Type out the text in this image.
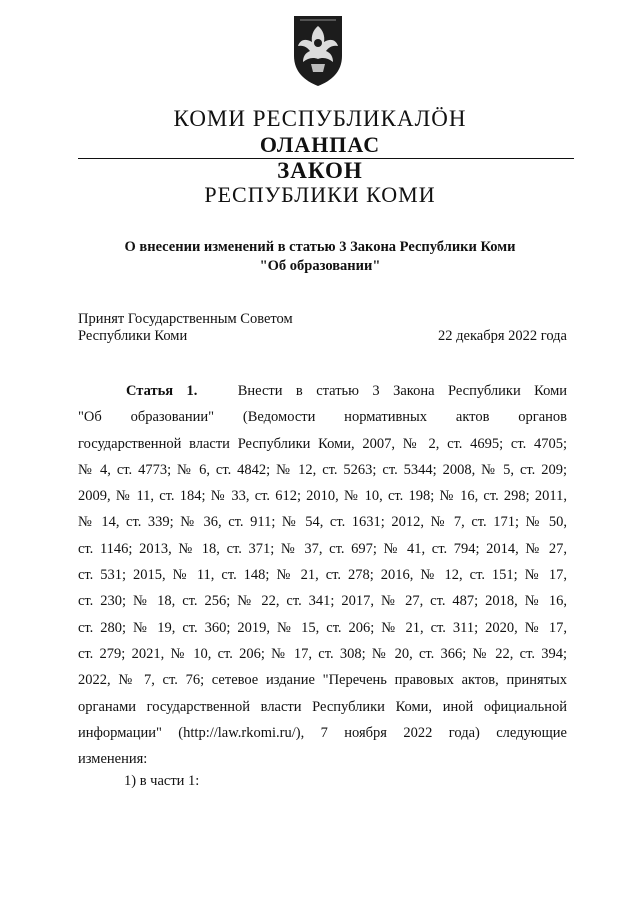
КОМИ РЕСПУБЛИКАЛÖН
ОЛАНПАС
ЗАКОН
РЕСПУБЛИКИ КОМИ
О внесении изменений в статью 3 Закона Республики Коми
"Об образовании"
Принят Государственным Советом
Республики Коми	22 декабря 2022 года
Статья 1.	Внести в статью 3 Закона Республики Коми
"Об образовании" (Ведомости нормативных актов органов
государственной власти Республики Коми, 2007, № 2, ст. 4695; ст. 4705;
№ 4, ст. 4773; № 6, ст. 4842; № 12, ст. 5263; ст. 5344; 2008, № 5, ст. 209;
2009, № 11, ст. 184; № 33, ст. 612; 2010, № 10, ст. 198; № 16, ст. 298; 2011,
№ 14, ст. 339; № 36, ст. 911; № 54, ст. 1631; 2012, № 7, ст. 171; № 50,
ст. 1146; 2013, № 18, ст. 371; № 37, ст. 697; № 41, ст. 794; 2014, № 27,
ст. 531; 2015, № 11, ст. 148; № 21, ст. 278; 2016, № 12, ст. 151; № 17,
ст. 230; № 18, ст. 256; № 22, ст. 341; 2017, № 27, ст. 487; 2018, № 16,
ст. 280; № 19, ст. 360; 2019, № 15, ст. 206; № 21, ст. 311; 2020, № 17,
ст. 279; 2021, № 10, ст. 206; № 17, ст. 308; № 20, ст. 366; № 22, ст. 394;
2022, № 7, ст. 76; сетевое издание "Перечень правовых актов, принятых
органами государственной власти Республики Коми, иной официальной
информации" (http://law.rkomi.ru/), 7 ноября 2022 года) следующие
изменения:
1) в части 1:
